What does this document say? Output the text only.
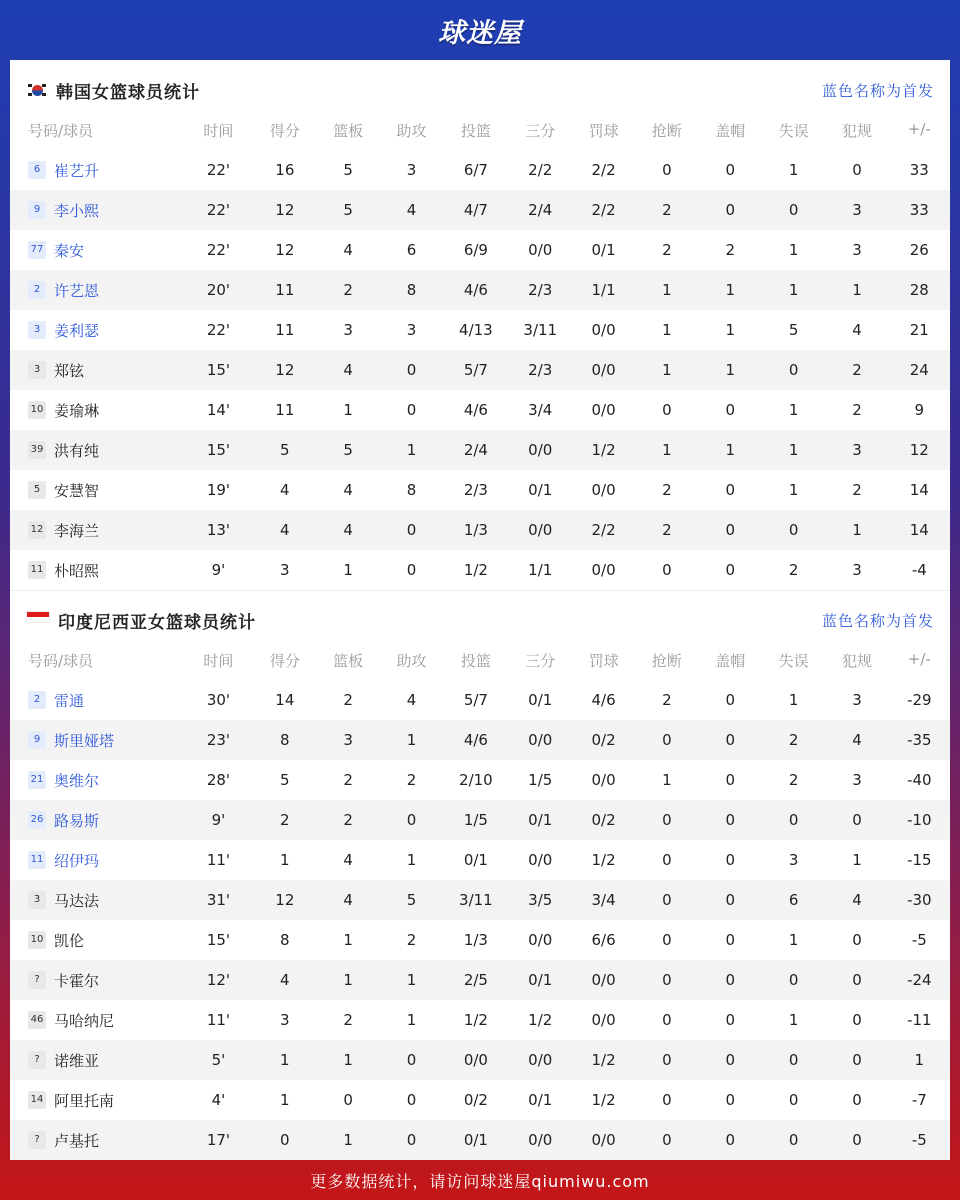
球迷屋
韩国女篮球员统计	蓝色名称为首发
号码/球员	时间	得分	篮板	助攻	投篮	三分	罚球	抢断	盖帽	失误	犯规	+/-
6 崔艺升	22'	16	5	3	6/7	2/2	2/2	0	0	1	0	33
9 李小熙	22'	12	5	4	4/7	2/4	2/2	2	0	0	3	33
77 秦安	22'	12	4	6	6/9	0/0	0/1	2	2	1	3	26
2 许艺恩	20'	11	2	8	4/6	2/3	1/1	1	1	1	1	28
3 姜利瑟	22'	11	3	3	4/13	3/11	0/0	1	1	5	4	21
3 郑铉	15'	12	4	0	5/7	2/3	0/0	1	1	0	2	24
10 姜瑜琳	14'	11	1	0	4/6	3/4	0/0	0	0	1	2	9
39 洪有纯	15'	5	5	1	2/4	0/0	1/2	1	1	1	3	12
5 安慧智	19'	4	4	8	2/3	0/1	0/0	2	0	1	2	14
12 李海兰	13'	4	4	0	1/3	0/0	2/2	2	0	0	1	14
11 朴昭熙	9'	3	1	0	1/2	1/1	0/0	0	0	2	3	-4
印度尼西亚女篮球员统计	蓝色名称为首发
号码/球员	时间	得分	篮板	助攻	投篮	三分	罚球	抢断	盖帽	失误	犯规	+/-
2 雷通	30'	14	2	4	5/7	0/1	4/6	2	0	1	3	-29
9 斯里娅塔	23'	8	3	1	4/6	0/0	0/2	0	0	2	4	-35
21 奥维尔	28'	5	2	2	2/10	1/5	0/0	1	0	2	3	-40
26 路易斯	9'	2	2	0	1/5	0/1	0/2	0	0	0	0	-10
11 绍伊玛	11'	1	4	1	0/1	0/0	1/2	0	0	3	1	-15
3 马达法	31'	12	4	5	3/11	3/5	3/4	0	0	6	4	-30
10 凯伦	15'	8	1	2	1/3	0/0	6/6	0	0	1	0	-5
? 卡霍尔	12'	4	1	1	2/5	0/1	0/0	0	0	0	0	-24
46 马哈纳尼	11'	3	2	1	1/2	1/2	0/0	0	0	1	0	-11
? 诺维亚	5'	1	1	0	0/0	0/0	1/2	0	0	0	0	1
14 阿里托南	4'	1	0	0	0/2	0/1	1/2	0	0	0	0	-7
? 卢基托	17'	0	1	0	0/1	0/0	0/0	0	0	0	0	-5
更多数据统计，请访问球迷屋qiumiwu.com
